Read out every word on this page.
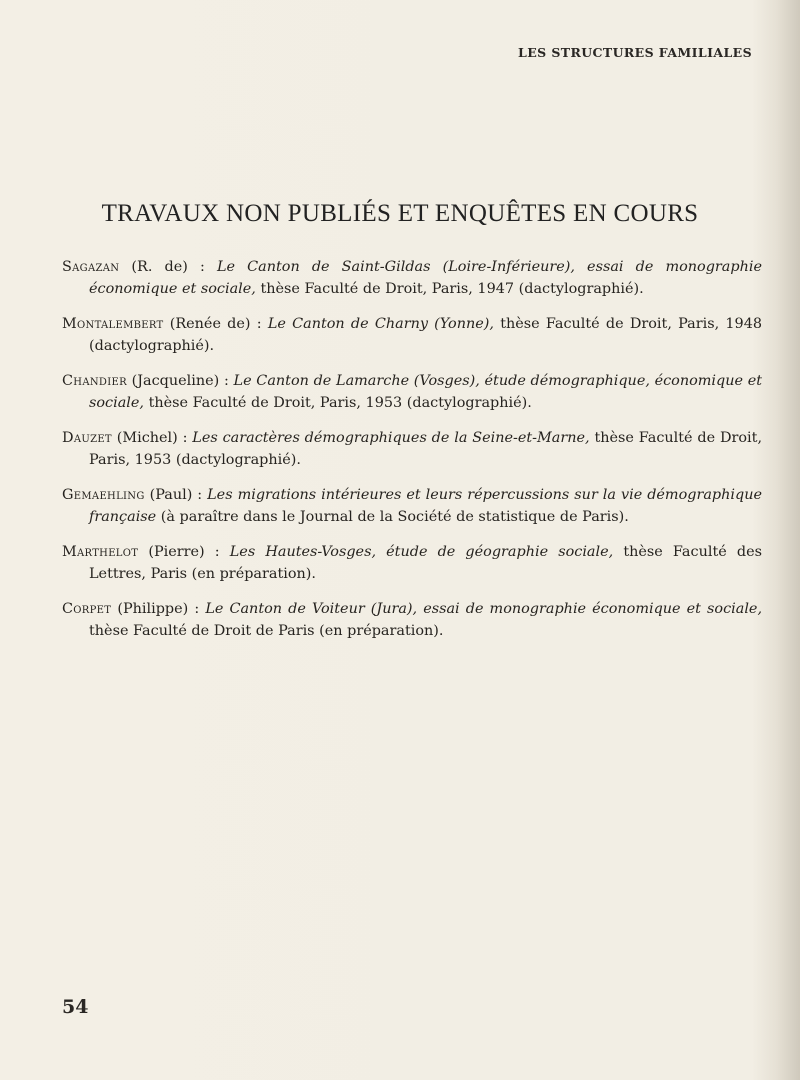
LES STRUCTURES FAMILIALES
TRAVAUX NON PUBLIÉS ET ENQUÊTES EN COURS

Sagazan (R. de) : Le Canton de Saint-Gildas (Loire-Inférieure), essai de monographie économique et sociale, thèse Faculté de Droit, Paris, 1947 (dactylographié).

Montalembert (Renée de) : Le Canton de Charny (Yonne), thèse Faculté de Droit, Paris, 1948 (dactylographié).

Chandier (Jacqueline) : Le Canton de Lamarche (Vosges), étude démographique, économique et sociale, thèse Faculté de Droit, Paris, 1953 (dactylographié).

Dauzet (Michel) : Les caractères démographiques de la Seine-et-Marne, thèse Faculté de Droit, Paris, 1953 (dactylographié).

Gemaehling (Paul) : Les migrations intérieures et leurs répercussions sur la vie démographique française (à paraître dans le Journal de la Société de statistique de Paris).

Marthelot (Pierre) : Les Hautes-Vosges, étude de géographie sociale, thèse Faculté des Lettres, Paris (en préparation).

Corpet (Philippe) : Le Canton de Voiteur (Jura), essai de monographie économique et sociale, thèse Faculté de Droit de Paris (en préparation).

54
